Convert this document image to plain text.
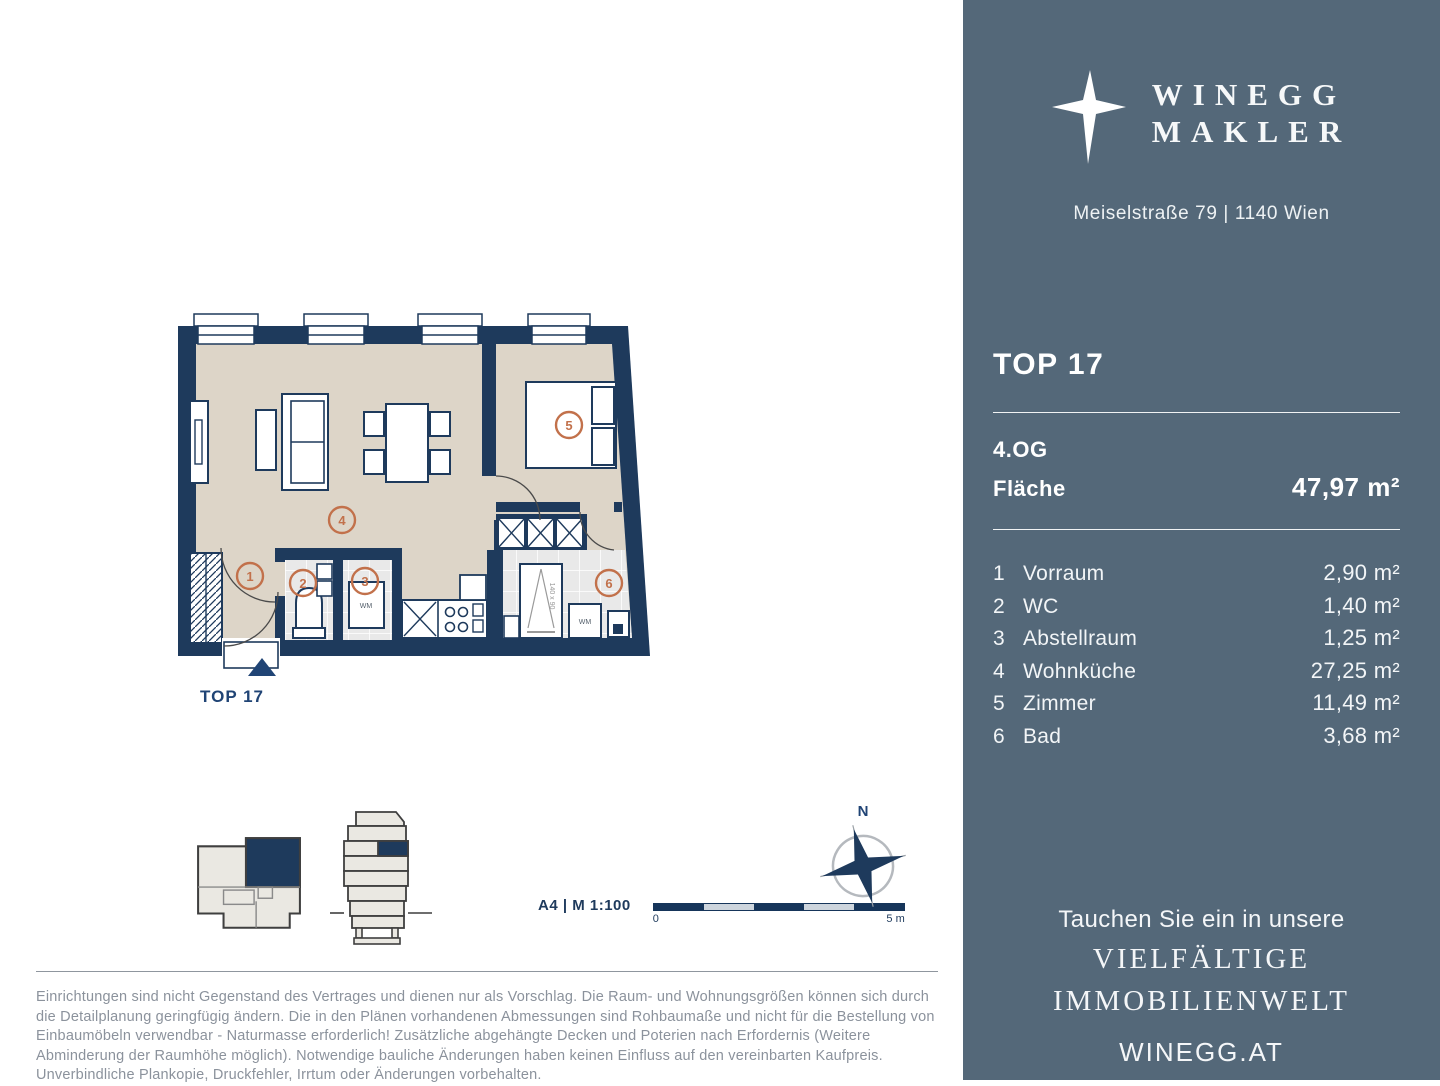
WM	140 x 90
WM
1	2	3
4
5
6
TOP 17
A4 | M 1:100
0	5 m
N

Einrichtungen sind nicht Gegenstand des Vertrages und dienen nur als Vorschlag. Die Raum- und Wohnungsgrößen können sich durch die Detailplanung geringfügig ändern. Die in den Plänen vorhandenen Abmessungen sind Rohbaumaße und nicht für die Bestellung von Einbaumöbeln verwendbar - Naturmasse erforderlich! Zusätzliche abgehängte Decken und Poterien nach Erfordernis (Weitere Abminderung der Raumhöhe möglich). Notwendige bauliche Änderungen haben keinen Einfluss auf den vereinbarten Kaufpreis. Unverbindliche Plankopie, Druckfehler, Irrtum oder Änderungen vorbehalten.

WINEGG
MAKLER
Meiselstraße 79 | 1140 Wien
TOP 17
4.OG
Fläche	47,97 m²
1 Vorraum	2,90 m²
2 WC	1,40 m²
3 Abstellraum	1,25 m²
4 Wohnküche	27,25 m²
5 Zimmer	11,49 m²
6 Bad	3,68 m²
Tauchen Sie ein in unsere
VIELFÄLTIGE
IMMOBILIENWELT
WINEGG.AT
